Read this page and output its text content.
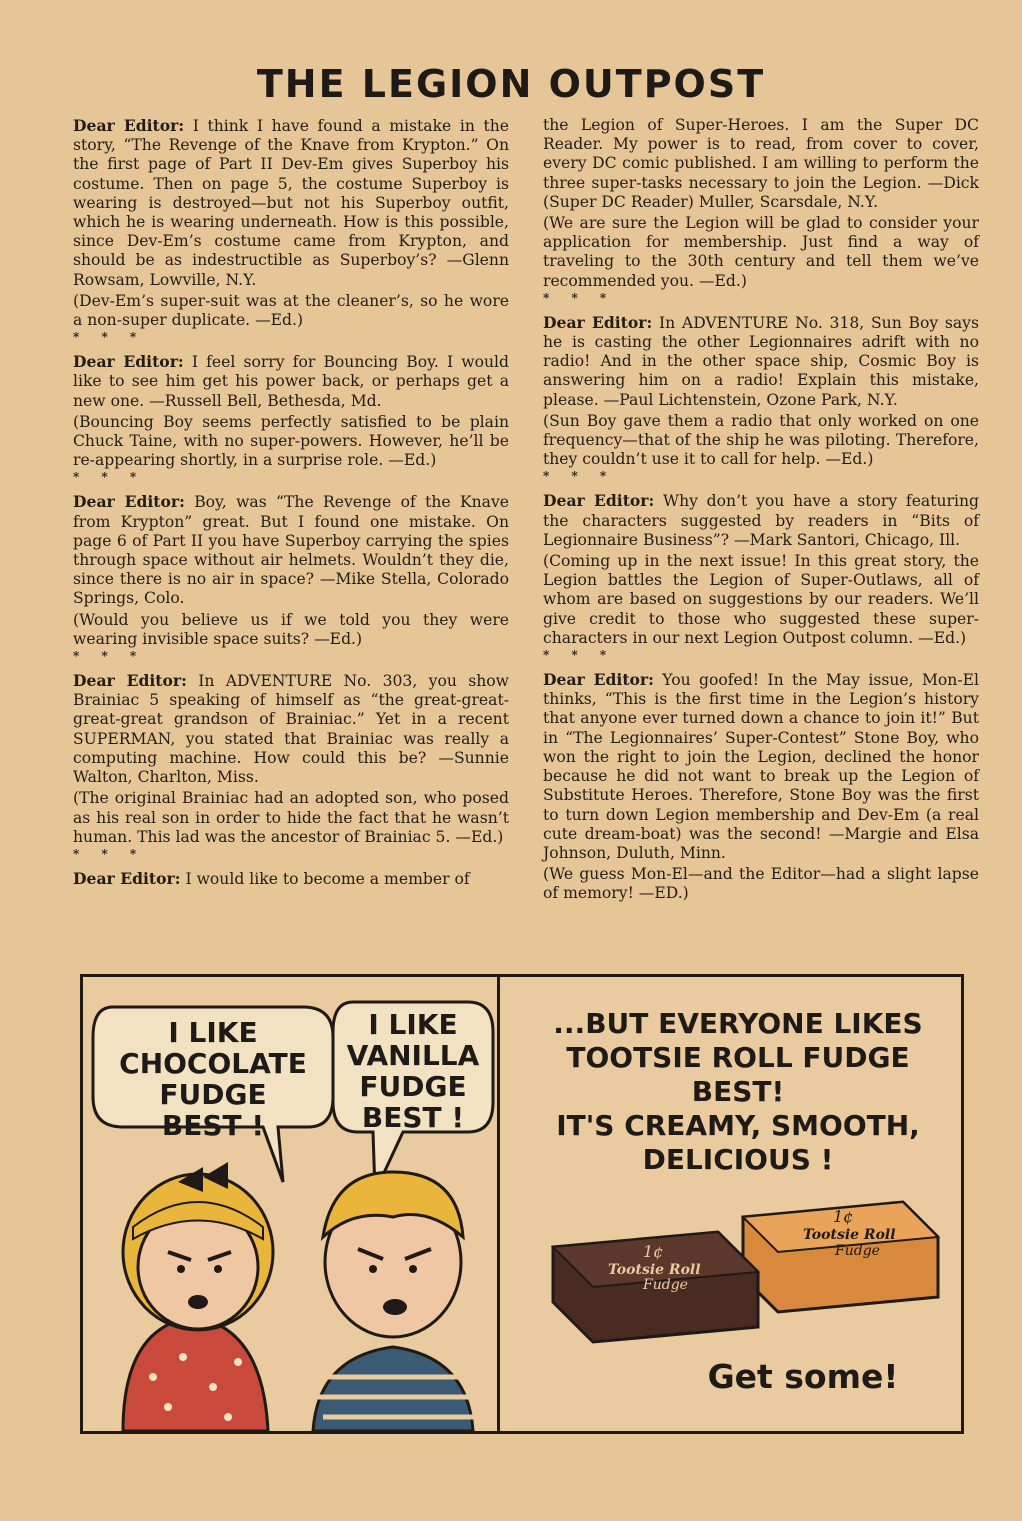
THE LEGION OUTPOST

Dear Editor: I think I have found a mistake in the story, “The Revenge of the Knave from Krypton.” On the first page of Part II Dev-Em gives Superboy his costume. Then on page 5, the costume Superboy is wearing is destroyed—but not his Superboy outfit, which he is wearing underneath. How is this possible, since Dev-Em’s costume came from Krypton, and should be as indestructible as Superboy’s? —Glenn Rowsam, Lowville, N.Y.

(Dev-Em’s super-suit was at the cleaner’s, so he wore a non-super duplicate. —Ed.)

* * *

Dear Editor: I feel sorry for Bouncing Boy. I would like to see him get his power back, or perhaps get a new one. —Russell Bell, Bethesda, Md.

(Bouncing Boy seems perfectly satisfied to be plain Chuck Taine, with no super-powers. However, he’ll be re-appearing shortly, in a surprise role. —Ed.)

* * *

Dear Editor: Boy, was “The Revenge of the Knave from Krypton” great. But I found one mistake. On page 6 of Part II you have Superboy carrying the spies through space without air helmets. Wouldn’t they die, since there is no air in space? —Mike Stella, Colorado Springs, Colo.

(Would you believe us if we told you they were wearing invisible space suits? —Ed.)

* * *

Dear Editor: In ADVENTURE No. 303, you show Brainiac 5 speaking of himself as “the great-great-great-great grandson of Brainiac.” Yet in a recent SUPERMAN, you stated that Brainiac was really a computing machine. How could this be? —Sunnie Walton, Charlton, Miss.

(The original Brainiac had an adopted son, who posed as his real son in order to hide the fact that he wasn’t human. This lad was the ancestor of Brainiac 5. —Ed.)

* * *

Dear Editor: I would like to become a member of

the Legion of Super-Heroes. I am the Super DC Reader. My power is to read, from cover to cover, every DC comic published. I am willing to perform the three super-tasks necessary to join the Legion. —Dick (Super DC Reader) Muller, Scarsdale, N.Y.

(We are sure the Legion will be glad to consider your application for membership. Just find a way of traveling to the 30th century and tell them we’ve recommended you. —Ed.)

* * *

Dear Editor: In ADVENTURE No. 318, Sun Boy says he is casting the other Legionnaires adrift with no radio! And in the other space ship, Cosmic Boy is answering him on a radio! Explain this mistake, please. —Paul Lichtenstein, Ozone Park, N.Y.

(Sun Boy gave them a radio that only worked on one frequency—that of the ship he was piloting. Therefore, they couldn’t use it to call for help. —Ed.)

* * *

Dear Editor: Why don’t you have a story featuring the characters suggested by readers in “Bits of Legionnaire Business”? —Mark Santori, Chicago, Ill.

(Coming up in the next issue! In this great story, the Legion battles the Legion of Super-Outlaws, all of whom are based on suggestions by our readers. We’ll give credit to those who suggested these super-characters in our next Legion Outpost column. —Ed.)

* * *

Dear Editor: You goofed! In the May issue, Mon-El thinks, “This is the first time in the Legion’s history that anyone ever turned down a chance to join it!” But in “The Legionnaires’ Super-Contest” Stone Boy, who won the right to join the Legion, declined the honor because he did not want to break up the Legion of Substitute Heroes. Therefore, Stone Boy was the first to turn down Legion membership and Dev-Em (a real cute dream-boat) was the second! —Margie and Elsa Johnson, Duluth, Minn.

(We guess Mon-El—and the Editor—had a slight lapse of memory! —ED.)

I LIKE
CHOCOLATE
FUDGE
BEST !
I LIKE
VANILLA
FUDGE
BEST !
...BUT EVERYONE LIKES
TOOTSIE ROLL FUDGE BEST!
IT'S CREAMY, SMOOTH,
DELICIOUS !
1¢
Tootsie Roll
Fudge
1¢
Tootsie Roll
Fudge
Get some!
